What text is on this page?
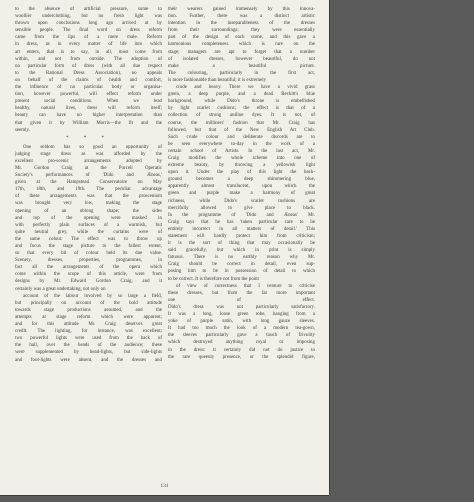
to the absence of artificial pressure, some to
woollier underclothing, but no fresh light was
thrown upon conclusions long ago arrived at by
sensible people. The final word on dress reform
came from the lips of a mere male. Reform
in dress, as in every matter of life into which
art enters, that is to say, in all, must come from
within, and not from outside. The adoption of
no particular form of dress (with all due respect
to the Rational Dress Association), no appeals
on behalf of the claims of health and comfort,
the influence of no particular body or organisa-
tion, however powerful, will effect reform under
present social conditions. When we lead
healthy, natural lives, dress will reform itself;
beauty can have no higher interpretation than
that given it by William Morris—the fit and the
seemly.
* * *
One seldom has so good an opportunity of
judging stage dress as was afforded by the
excellent pro-scenic arrangements adopted by
Mr. Gordon Craig at the Purcell Operatic
Society's performances of 'Dido and Æneas,'
given at the Hampstead Conservatoire on May
17th, 18th, and 19th. The peculiar advantage
of these arrangements was that the proscenium
was brought very low, making the stage
opening of an oblong shape; the sides
and top of the opening were masked in
with perfectly plain surfaces of a warmish, but
quite neutral grey, while the curtains were of
the same colour. The effect was to throw up
and focus the stage picture to the fullest extent,
so that every bit of colour held its due value.
Scenery, dresses, properties, programmes, in
fact all the arrangements of the opera which
come within the scope of this article, were from
designs by Mr. Edward Gordon Craig, and it
certainly was a great undertaking, not only on
account of the labour involved by so large a field,
but principally on account of the bold attitude
towards stage productions assumed, and the
attempts at stage reform which were apparent;
and for this attitude Mr. Craig deserves great
credit. The lighting, for instance, was excellent;
two powerful lights were used from the back of
the hall, over the heads of the audience; these
were supplemented by head-lights, but side-lights
and foot-lights were absent, and the dresses and
their wearers gained immensely by this innova-
tion. Further, there was a distinct artistic
intention in the inseparableness of the dresses
from their surroundings; they were essentially
part of the design of each scene, and this gave a
harmonious completeness which is rare on the
stage; managers are apt to forget that a number
of isolated dresses, however beautiful, do not
make a beautiful picture.
The colouring, particularly in the first act,
is more fashionable than beautiful; it is extremely
crude and heavy. There we have a vivid grass
green, a deep purple, and a dead Reckitt's blue
background, while Dido's throne is embellished
by light scarlet cushions; the effect is that of a
collection of strong aniline dyes. It is not, of
course, the milliners' fashion that Mr. Craig has
followed, but that of the New English Art Club.
Such crude colour and deliberate discords are to
be seen everywhere to-day in the work of a
certain school of Artists. In the last act, Mr.
Craig modifies the whole scheme into one of
extreme beauty, by throwing a yellowish light
upon it. Under the play of this light the back-
ground becomes a deep shimmering blue,
apparently almost translucent, upon which the
green and purple make a harmony of great
richness, while Dido's scarlet cushions are
mercifully allowed to give place to black.
In the programme of 'Dido and Æneas' Mr.
Craig says that he has 'taken particular care to be
entirely incorrect in all matters of detail.' This
statement will hardly protect him from criticism;
it is the sort of thing that may occasionally be
said gracefully, but which in print is simply
fatuous. There is no earthly reason why Mr.
Craig should be correct in detail, even sup-
posing him to be in possession of detail to which
to be correct. It is therefore not from the point
of view of correctness that I venture to criticise
these dresses, but from the far more important
one of effect.
Dido's dress was not particularly satisfactory.
It was a long, loose green robe, hanging from a
yoke of purple satin, with long gauze sleeves.
It had too much the look of a modern tea-gown,
the sleeves particularly gave a touch of frivolity
which destroyed anything royal or imposing
in the dress: it certainly did not do justice to
the rare queenly presence, or the splendid figure,
131
